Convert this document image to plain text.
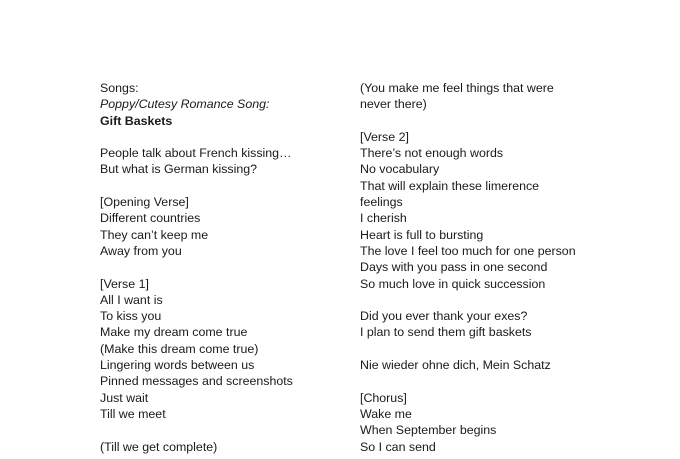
Songs:
Poppy/Cutesy Romance Song:
Gift Baskets
People talk about French kissing…
But what is German kissing?
[Opening Verse]
Different countries
They can’t keep me
Away from you
[Verse 1]
All I want is
To kiss you
Make my dream come true
(Make this dream come true)
Lingering words between us
Pinned messages and screenshots
Just wait
Till we meet
(Till we get complete)
(You make me feel things that were
never there)
[Verse 2]
There’s not enough words
No vocabulary
That will explain these limerence
feelings
I cherish
Heart is full to bursting
The love I feel too much for one person
Days with you pass in one second
So much love in quick succession
Did you ever thank your exes?
I plan to send them gift baskets
Nie wieder ohne dich, Mein Schatz
[Chorus]
Wake me
When September begins
So I can send
